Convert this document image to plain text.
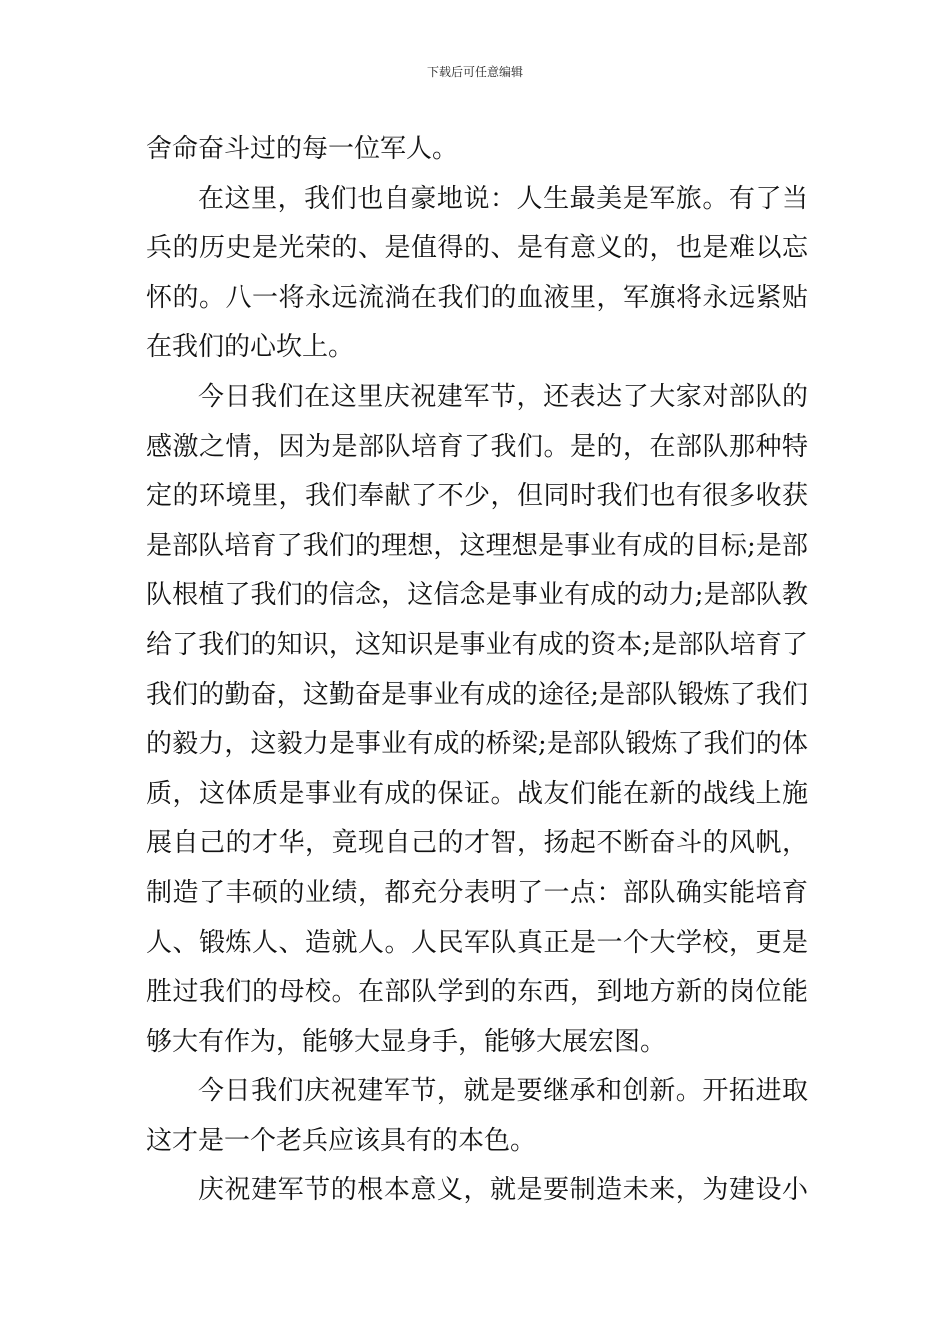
下载后可任意编辑
舍命奋斗过的每一位军人。
在这里，我们也自豪地说：人生最美是军旅。有了当
兵的历史是光荣的、是值得的、是有意义的，也是难以忘
怀的。八一将永远流淌在我们的血液里，军旗将永远紧贴
在我们的心坎上。
今日我们在这里庆祝建军节，还表达了大家对部队的
感激之情，因为是部队培育了我们。是的，在部队那种特
定的环境里，我们奉献了不少，但同时我们也有很多收获
是部队培育了我们的理想，这理想是事业有成的目标;是部
队根植了我们的信念，这信念是事业有成的动力;是部队教
给了我们的知识，这知识是事业有成的资本;是部队培育了
我们的勤奋，这勤奋是事业有成的途径;是部队锻炼了我们
的毅力，这毅力是事业有成的桥梁;是部队锻炼了我们的体
质，这体质是事业有成的保证。战友们能在新的战线上施
展自己的才华，竟现自己的才智，扬起不断奋斗的风帆，
制造了丰硕的业绩，都充分表明了一点：部队确实能培育
人、锻炼人、造就人。人民军队真正是一个大学校，更是
胜过我们的母校。在部队学到的东西，到地方新的岗位能
够大有作为，能够大显身手，能够大展宏图。
今日我们庆祝建军节，就是要继承和创新。开拓进取
这才是一个老兵应该具有的本色。
庆祝建军节的根本意义，就是要制造未来，为建设小
